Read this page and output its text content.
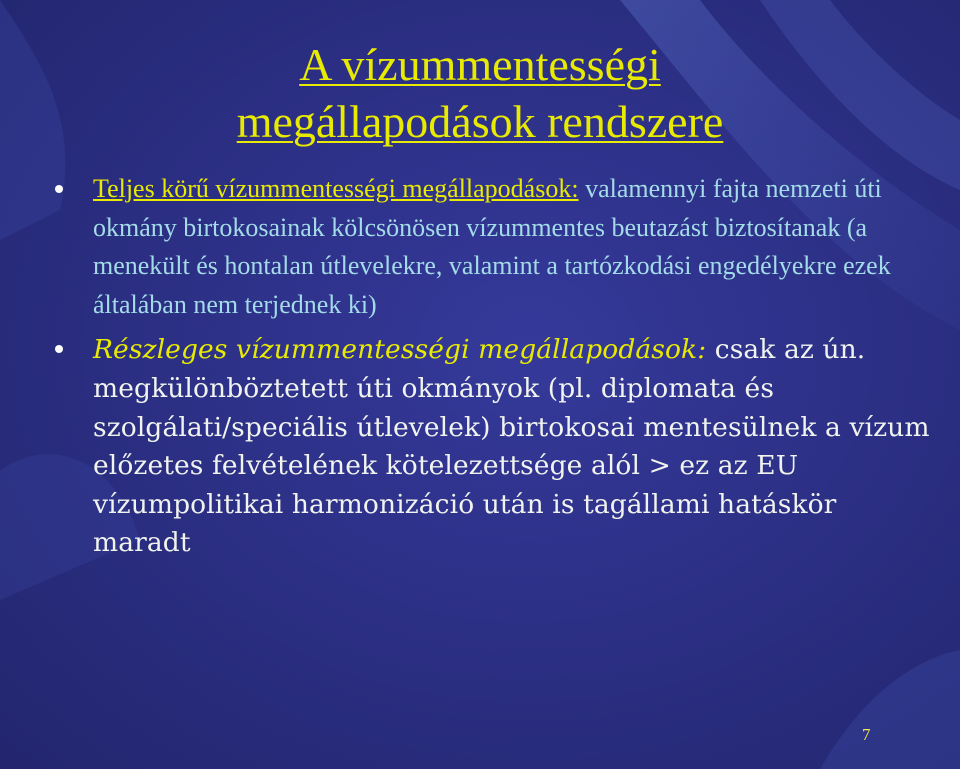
A vízummentességi
megállapodások rendszere
Teljes körű vízummentességi megállapodások: valamennyi fajta nemzeti úti okmány birtokosainak kölcsönösen vízummentes beutazást biztosítanak (a menekült és hontalan útlevelekre, valamint a tartózkodási engedélyekre ezek általában nem terjednek ki)
Részleges vízummentességi megállapodások: csak az ún. megkülönböztetett úti okmányok (pl. diplomata és szolgálati/speciális útlevelek) birtokosai mentesülnek a vízum előzetes felvételének kötelezettsége alól > ez az EU vízumpolitikai harmonizáció után is tagállami hatáskör maradt
7
